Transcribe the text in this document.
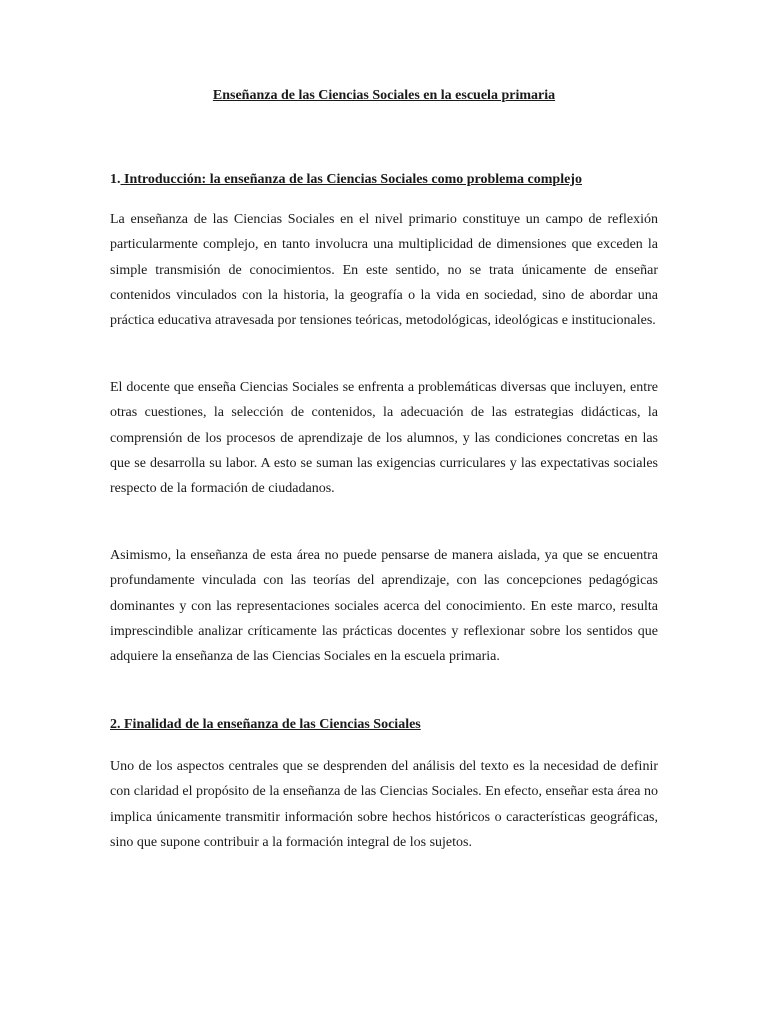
Enseñanza de las Ciencias Sociales en la escuela primaria
1. Introducción: la enseñanza de las Ciencias Sociales como problema complejo

La enseñanza de las Ciencias Sociales en el nivel primario constituye un campo de reflexión particularmente complejo, en tanto involucra una multiplicidad de dimensiones que exceden la simple transmisión de conocimientos. En este sentido, no se trata únicamente de enseñar contenidos vinculados con la historia, la geografía o la vida en sociedad, sino de abordar una práctica educativa atravesada por tensiones teóricas, metodológicas, ideológicas e institucionales.

El docente que enseña Ciencias Sociales se enfrenta a problemáticas diversas que incluyen, entre otras cuestiones, la selección de contenidos, la adecuación de las estrategias didácticas, la comprensión de los procesos de aprendizaje de los alumnos, y las condiciones concretas en las que se desarrolla su labor. A esto se suman las exigencias curriculares y las expectativas sociales respecto de la formación de ciudadanos.

Asimismo, la enseñanza de esta área no puede pensarse de manera aislada, ya que se encuentra profundamente vinculada con las teorías del aprendizaje, con las concepciones pedagógicas dominantes y con las representaciones sociales acerca del conocimiento. En este marco, resulta imprescindible analizar críticamente las prácticas docentes y reflexionar sobre los sentidos que adquiere la enseñanza de las Ciencias Sociales en la escuela primaria.

2. Finalidad de la enseñanza de las Ciencias Sociales

Uno de los aspectos centrales que se desprenden del análisis del texto es la necesidad de definir con claridad el propósito de la enseñanza de las Ciencias Sociales. En efecto, enseñar esta área no implica únicamente transmitir información sobre hechos históricos o características geográficas, sino que supone contribuir a la formación integral de los sujetos.
